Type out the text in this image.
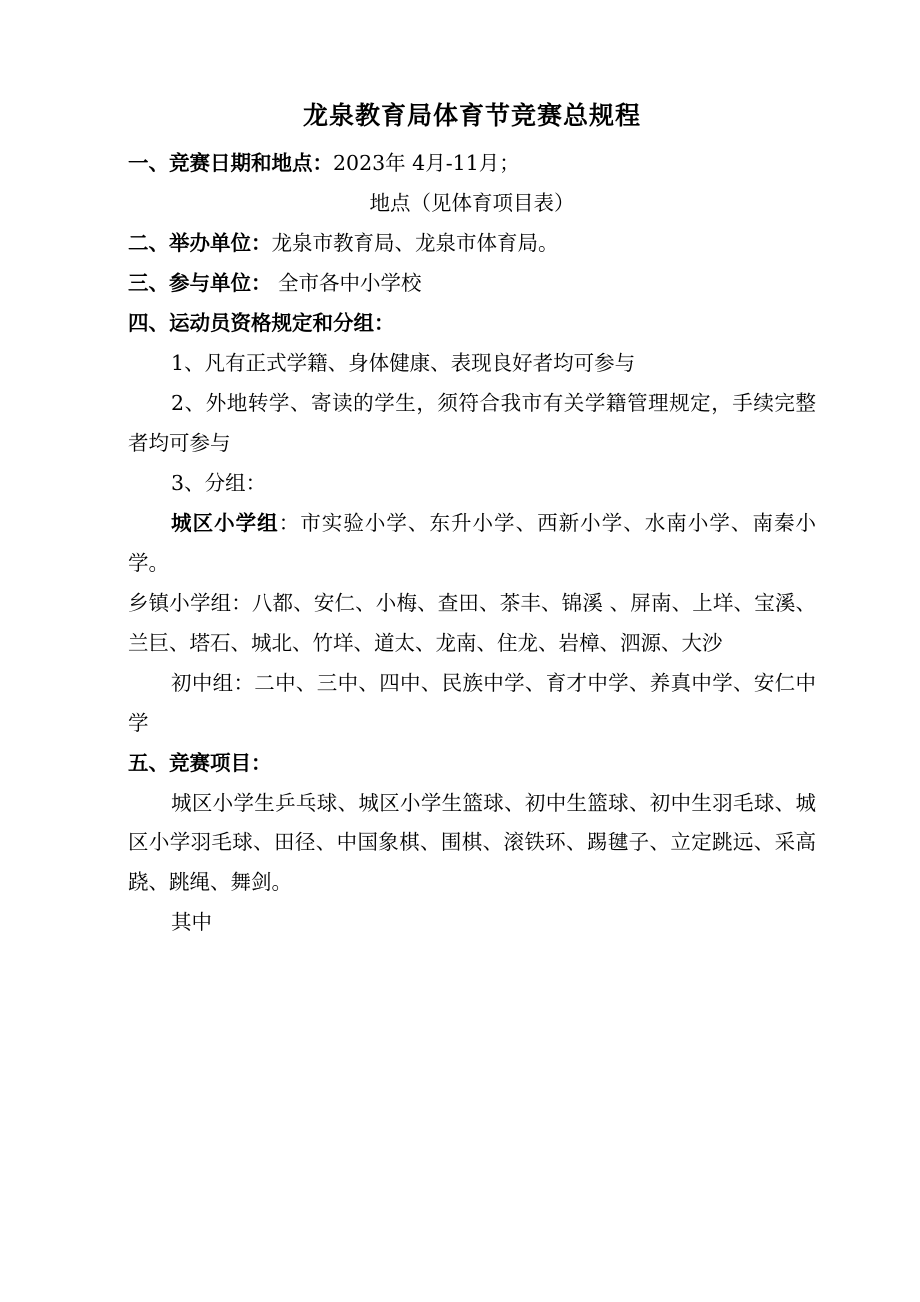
龙泉教育局体育节竞赛总规程

一、竞赛日期和地点：2023年 4月-11月；

地点（见体育项目表）

二、举办单位：龙泉市教育局、龙泉市体育局。

三、参与单位： 全市各中小学校

四、运动员资格规定和分组：

1、凡有正式学籍、身体健康、表现良好者均可参与

2、外地转学、寄读的学生，须符合我市有关学籍管理规定，手续完整者均可参与

3、分组：

城区小学组：市实验小学、东升小学、西新小学、水南小学、南秦小学。

乡镇小学组：八都、安仁、小梅、查田、茶丰、锦溪 、屏南、上垟、宝溪、兰巨、塔石、城北、竹垟、道太、龙南、住龙、岩樟、泗源、大沙

初中组：二中、三中、四中、民族中学、育才中学、养真中学、安仁中学

五、竞赛项目：

城区小学生乒乓球、城区小学生篮球、初中生篮球、初中生羽毛球、城区小学羽毛球、田径、中国象棋、围棋、滚铁环、踢毽子、立定跳远、采高跷、跳绳、舞剑。

其中
